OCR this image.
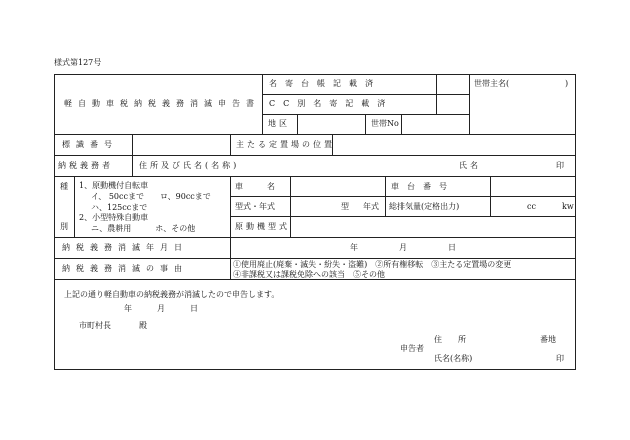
様式第127号
軽自動車税納税義務消滅申告書
名　寄　台　帳　記　載　済
C　C　別　名　寄　記　載　済
地区	世帯No
世帯主名(	)
標識番号	主たる定置場の位置
納税義務者	住所及び氏名(名称)	氏名	印
種
別
1、原動機付自転車
イ、 50ccまで　　ロ、90ccまで
ハ、125ccまで
2、小型特殊自動車
ニ、農耕用　　　ホ、その他
車　　　名	車　台　番　号
型式・年式	型 年式 総排気量(定格出力)	cc	kw
原動機型式
納税義務消滅年月日	年	月	日
納税義務消滅の事由	①使用廃止(廃棄・滅失・紛失・盗難)　②所有権移転　③主たる定置場の変更
④非課税又は課税免除への該当　⑤その他
上記の通り軽自動車の納税義務が消滅したので申告します。
年	月	日
市町村長	殿
住　　所	番地
申告者
氏名(名称)	印
